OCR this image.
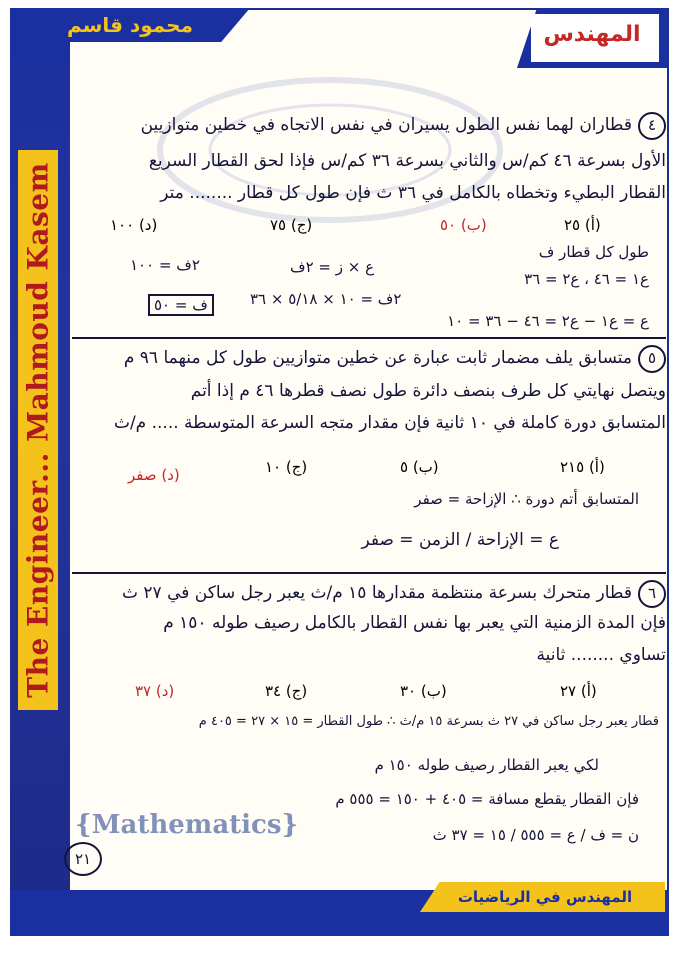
The Engineer... Mahmoud Kasem
محمود قاسم	المهندس
٤قطاران لهما نفس الطول يسيران في نفس الاتجاه في خطين متوازيين
الأول بسرعة ٤٦ كم/س والثاني بسرعة ٣٦ كم/س فإذا لحق القطار السريع
القطار البطيء وتخطاه بالكامل في ٣٦ ث فإن طول كل قطار ........ متر
(أ) ٢٥
(ب) ٥٠
(ج) ٧٥
(د) ١٠٠
طول كل قطار ف
ع١ = ٤٦ ، ع٢ = ٣٦
ع = ع١ − ع٢ = ٤٦ − ٣٦ = ١٠
٢ف = ١٠ × ٥/١٨ × ٣٦
ع × ز = ٢ف
٢ف = ١٠٠
ف = ٥٠
٥متسابق يلف مضمار ثابت عبارة عن خطين متوازيين طول كل منهما ٩٦ م
ويتصل نهايتي كل طرف بنصف دائرة طول نصف قطرها ٤٦ م إذا أتم
المتسابق دورة كاملة في ١٠ ثانية فإن مقدار متجه السرعة المتوسطة ..... م/ث
(أ) ٢١٥
(ب) ٥
(ج) ١٠
(د) صفر
المتسابق أتم دورة ∴ الإزاحة = صفر
ع = الإزاحة / الزمن = صفر
٦قطار متحرك بسرعة منتظمة مقدارها ١٥ م/ث يعبر رجل ساكن في ٢٧ ث
فإن المدة الزمنية التي يعبر بها نفس القطار بالكامل رصيف طوله ١٥٠ م
تساوي ........ ثانية
(أ) ٢٧
(ب) ٣٠
(ج) ٣٤
(د) ٣٧
قطار يعبر رجل ساكن في ٢٧ ث بسرعة ١٥ م/ث ∴ طول القطار = ١٥ × ٢٧ = ٤٠٥ م
لكي يعبر القطار رصيف طوله ١٥٠ م
فإن القطار يقطع مسافة = ٤٠٥ + ١٥٠ = ٥٥٥ م
ن = ف / ع = ٥٥٥ / ١٥ = ٣٧ ث
{Mathematics}
٢١
المهندس في الرياضيات
